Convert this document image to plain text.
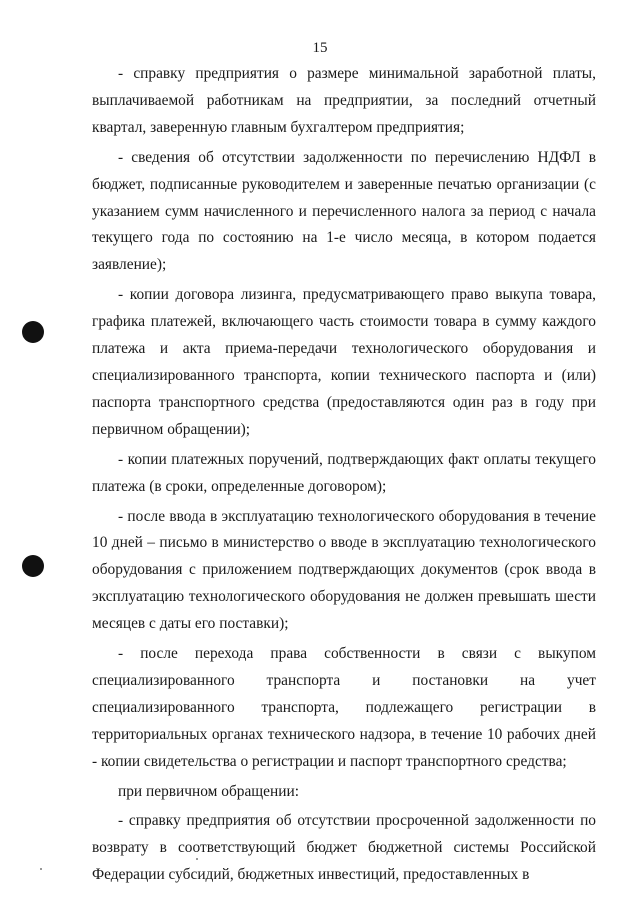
15

- справку предприятия о размере минимальной заработной платы, выплачиваемой работникам на предприятии, за последний отчетный квартал, заверенную главным бухгалтером предприятия;

- сведения об отсутствии задолженности по перечислению НДФЛ в бюджет, подписанные руководителем и заверенные печатью организации (с указанием сумм начисленного и перечисленного налога за период с начала текущего года по состоянию на 1-е число месяца, в котором подается заявление);

- копии договора лизинга, предусматривающего право выкупа товара, графика платежей, включающего часть стоимости товара в сумму каждого платежа и акта приема-передачи технологического оборудования и специализированного транспорта, копии технического паспорта и (или) паспорта транспортного средства (предоставляются один раз в году при первичном обращении);

- копии платежных поручений, подтверждающих факт оплаты текущего платежа (в сроки, определенные договором);

- после ввода в эксплуатацию технологического оборудования в течение 10 дней – письмо в министерство о вводе в эксплуатацию технологического оборудования с приложением подтверждающих документов (срок ввода в эксплуатацию технологического оборудования не должен превышать шести месяцев с даты его поставки);

- после перехода права собственности в связи с выкупом специализированного транспорта и постановки на учет специализированного транспорта, подлежащего регистрации в территориальных органах технического надзора, в течение 10 рабочих дней - копии свидетельства о регистрации и паспорт транспортного средства;

при первичном обращении:

- справку предприятия об отсутствии просроченной задолженности по возврату в соответствующий бюджет бюджетной системы Российской Федерации субсидий, бюджетных инвестиций, предоставленных в
